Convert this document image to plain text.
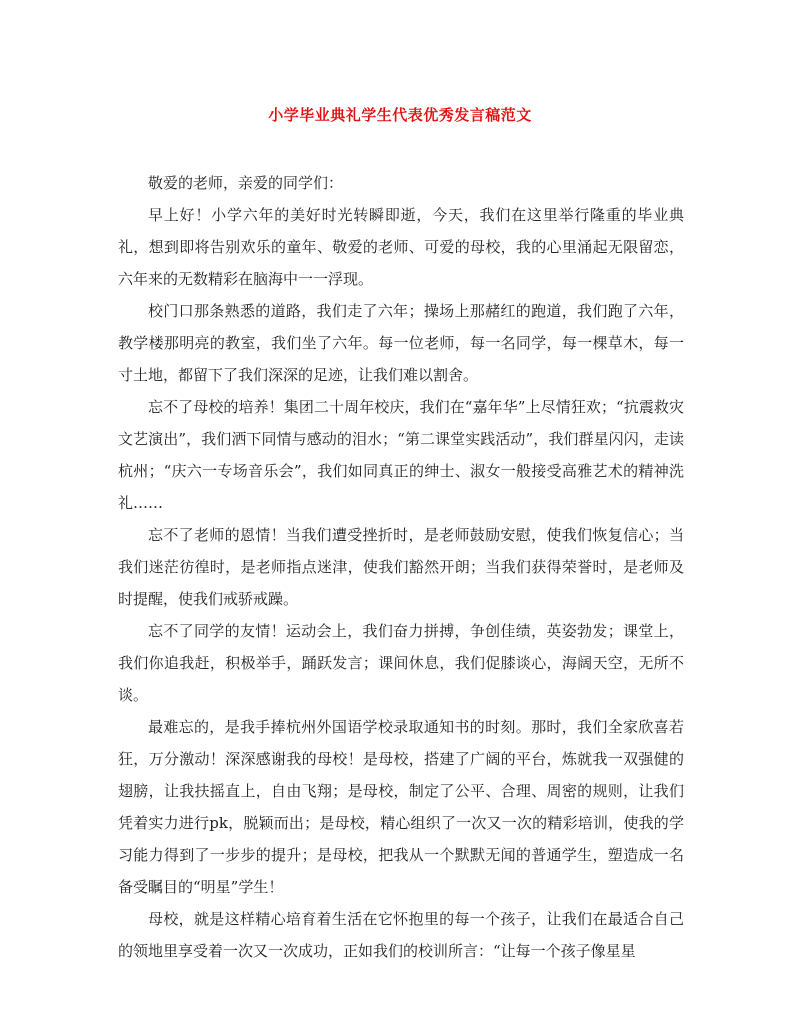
小学毕业典礼学生代表优秀发言稿范文

敬爱的老师，亲爱的同学们：

早上好！小学六年的美好时光转瞬即逝，今天，我们在这里举行隆重的毕业典礼，想到即将告别欢乐的童年、敬爱的老师、可爱的母校，我的心里涌起无限留恋，六年来的无数精彩在脑海中一一浮现。

校门口那条熟悉的道路，我们走了六年；操场上那赭红的跑道，我们跑了六年，教学楼那明亮的教室，我们坐了六年。每一位老师，每一名同学，每一棵草木，每一寸土地，都留下了我们深深的足迹，让我们难以割舍。

忘不了母校的培养！集团二十周年校庆，我们在“嘉年华”上尽情狂欢；“抗震救灾文艺演出”，我们洒下同情与感动的泪水；“第二课堂实践活动”，我们群星闪闪，走读杭州；“庆六一专场音乐会”，我们如同真正的绅士、淑女一般接受高雅艺术的精神洗礼……

忘不了老师的恩情！当我们遭受挫折时，是老师鼓励安慰，使我们恢复信心；当我们迷茫彷徨时，是老师指点迷津，使我们豁然开朗；当我们获得荣誉时，是老师及时提醒，使我们戒骄戒躁。

忘不了同学的友情！运动会上，我们奋力拼搏，争创佳绩，英姿勃发；课堂上，我们你追我赶，积极举手，踊跃发言；课间休息，我们促膝谈心，海阔天空，无所不谈。

最难忘的，是我手捧杭州外国语学校录取通知书的时刻。那时，我们全家欣喜若狂，万分激动！深深感谢我的母校！是母校，搭建了广阔的平台，炼就我一双强健的翅膀，让我扶摇直上，自由飞翔；是母校，制定了公平、合理、周密的规则，让我们凭着实力进行pk，脱颖而出；是母校，精心组织了一次又一次的精彩培训，使我的学习能力得到了一步步的提升；是母校，把我从一个默默无闻的普通学生，塑造成一名备受瞩目的“明星”学生！

母校，就是这样精心培育着生活在它怀抱里的每一个孩子，让我们在最适合自己的领地里享受着一次又一次成功，正如我们的校训所言：“让每一个孩子像星星
